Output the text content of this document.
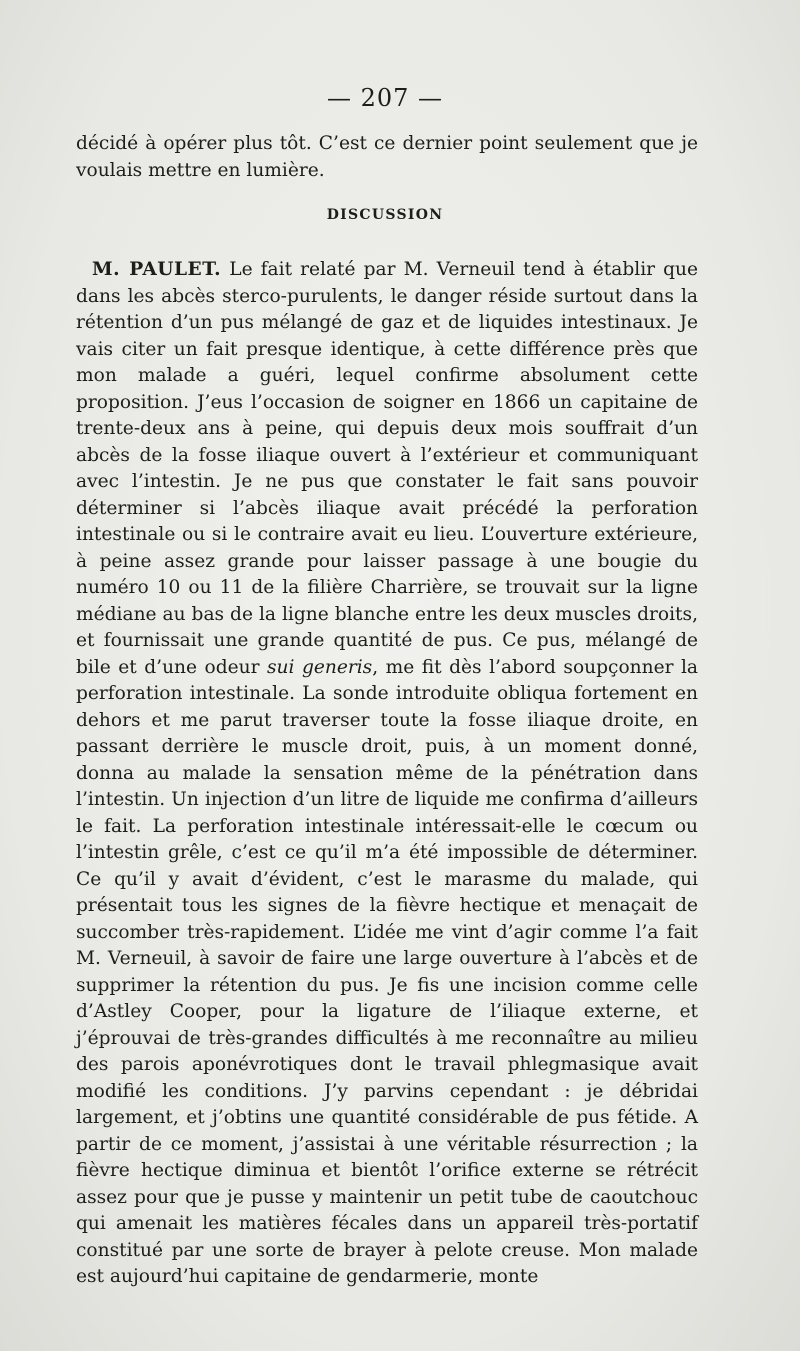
— 207 —

décidé à opérer plus tôt. C’est ce dernier point seulement que je voulais mettre en lumière.

DISCUSSION

M. PAULET. Le fait relaté par M. Verneuil tend à établir que dans les abcès sterco-purulents, le danger réside surtout dans la rétention d’un pus mélangé de gaz et de liquides intestinaux. Je vais citer un fait presque identique, à cette différence près que mon malade a guéri, lequel confirme absolument cette proposition. J’eus l’occasion de soigner en 1866 un capitaine de trente-deux ans à peine, qui depuis deux mois souffrait d’un abcès de la fosse iliaque ouvert à l’extérieur et communiquant avec l’intestin. Je ne pus que constater le fait sans pouvoir déterminer si l’abcès iliaque avait précédé la perforation intestinale ou si le contraire avait eu lieu. L’ouverture extérieure, à peine assez grande pour laisser passage à une bougie du numéro 10 ou 11 de la filière Charrière, se trouvait sur la ligne médiane au bas de la ligne blanche entre les deux muscles droits, et fournissait une grande quantité de pus. Ce pus, mélangé de bile et d’une odeur sui generis, me fit dès l’abord soupçonner la perforation intestinale. La sonde introduite obliqua fortement en dehors et me parut traverser toute la fosse iliaque droite, en passant derrière le muscle droit, puis, à un moment donné, donna au malade la sensation même de la pénétration dans l’intestin. Un injection d’un litre de liquide me confirma d’ailleurs le fait. La perforation intestinale intéressait-elle le cœcum ou l’intestin grêle, c’est ce qu’il m’a été impossible de déterminer. Ce qu’il y avait d’évident, c’est le marasme du malade, qui présentait tous les signes de la fièvre hectique et menaçait de succomber très-rapidement. L’idée me vint d’agir comme l’a fait M. Verneuil, à savoir de faire une large ouverture à l’abcès et de supprimer la rétention du pus. Je fis une incision comme celle d’Astley Cooper, pour la ligature de l’iliaque externe, et j’éprouvai de très-grandes difficultés à me reconnaître au milieu des parois aponévrotiques dont le travail phlegmasique avait modifié les conditions. J’y parvins cependant : je débridai largement, et j’obtins une quantité considérable de pus fétide. A partir de ce moment, j’assistai à une véritable résurrection ; la fièvre hectique diminua et bientôt l’orifice externe se rétrécit assez pour que je pusse y maintenir un petit tube de caoutchouc qui amenait les matières fécales dans un appareil très-portatif constitué par une sorte de brayer à pelote creuse. Mon malade est aujourd’hui capitaine de gendarmerie, monte
